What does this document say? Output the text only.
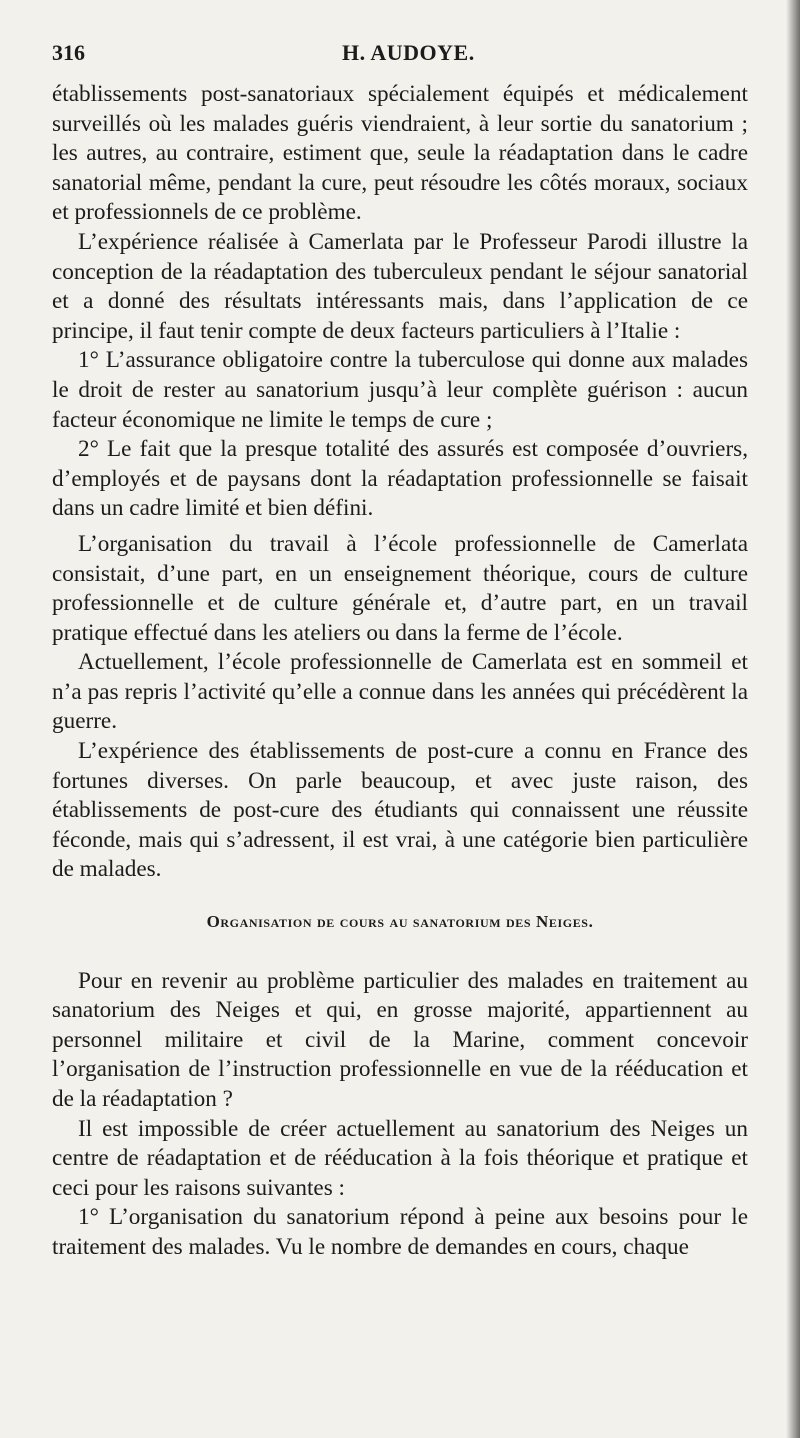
316	H. AUDOYE.

établissements post-sanatoriaux spécialement équipés et médicalement surveillés où les malades guéris viendraient, à leur sortie du sanatorium ; les autres, au contraire, estiment que, seule la réadaptation dans le cadre sanatorial même, pendant la cure, peut résoudre les côtés moraux, sociaux et professionnels de ce problème.

L’expérience réalisée à Camerlata par le Professeur Parodi illustre la conception de la réadaptation des tuberculeux pendant le séjour sanatorial et a donné des résultats intéressants mais, dans l’application de ce principe, il faut tenir compte de deux facteurs particuliers à l’Italie :

1° L’assurance obligatoire contre la tuberculose qui donne aux malades le droit de rester au sanatorium jusqu’à leur complète guérison : aucun facteur économique ne limite le temps de cure ;

2° Le fait que la presque totalité des assurés est composée d’ouvriers, d’employés et de paysans dont la réadaptation professionnelle se faisait dans un cadre limité et bien défini.

L’organisation du travail à l’école professionnelle de Camerlata consistait, d’une part, en un enseignement théorique, cours de culture professionnelle et de culture générale et, d’autre part, en un travail pratique effectué dans les ateliers ou dans la ferme de l’école.

Actuellement, l’école professionnelle de Camerlata est en sommeil et n’a pas repris l’activité qu’elle a connue dans les années qui précédèrent la guerre.

L’expérience des établissements de post-cure a connu en France des fortunes diverses. On parle beaucoup, et avec juste raison, des établissements de post-cure des étudiants qui connaissent une réussite féconde, mais qui s’adressent, il est vrai, à une catégorie bien particulière de malades.

Organisation de cours au sanatorium des Neiges.

Pour en revenir au problème particulier des malades en traitement au sanatorium des Neiges et qui, en grosse majorité, appartiennent au personnel militaire et civil de la Marine, comment concevoir l’organisation de l’instruction professionnelle en vue de la rééducation et de la réadaptation ?

Il est impossible de créer actuellement au sanatorium des Neiges un centre de réadaptation et de rééducation à la fois théorique et pratique et ceci pour les raisons suivantes :

1° L’organisation du sanatorium répond à peine aux besoins pour le traitement des malades. Vu le nombre de demandes en cours, chaque
